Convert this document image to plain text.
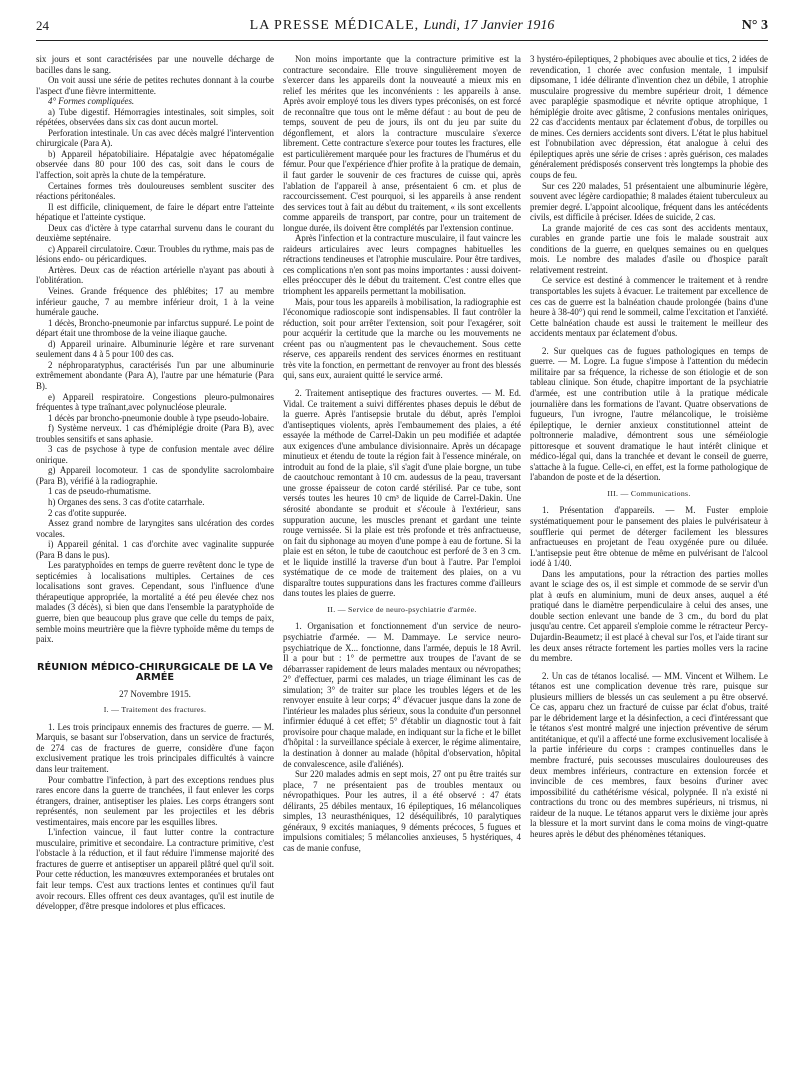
24	LA PRESSE MÉDICALE, Lundi, 17 Janvier 1916	N° 3

six jours et sont caractérisées par une nouvelle décharge de bacilles dans le sang.

On voit aussi une série de petites rechutes donnant à la courbe l'aspect d'une fièvre intermittente.

4° Formes compliquées.

a) Tube digestif. Hémorragies intestinales, soit simples, soit répétées, observées dans six cas dont aucun mortel.

Perforation intestinale. Un cas avec décès malgré l'intervention chirurgicale (Para A).

b) Appareil hépatobiliaire. Hépatalgie avec hépatomégalie observée dans 80 pour 100 des cas, soit dans le cours de l'affection, soit après la chute de la température.

Certaines formes très douloureuses semblent susciter des réactions péritonéales.

Il est difficile, cliniquement, de faire le départ entre l'atteinte hépatique et l'atteinte cystique.

Deux cas d'ictère à type catarrhal survenu dans le courant du deuxième septénaire.

c) Appareil circulatoire. Cœur. Troubles du rythme, mais pas de lésions endo- ou péricardiques.

Artères. Deux cas de réaction artérielle n'ayant pas abouti à l'oblitération.

Veines. Grande fréquence des phlébites; 17 au membre inférieur gauche, 7 au membre inférieur droit, 1 à la veine humérale gauche.

1 décès, Broncho-pneumonie par infarctus suppuré. Le point de départ était une thrombose de la veine iliaque gauche.

d) Appareil urinaire. Albuminurie légère et rare survenant seulement dans 4 à 5 pour 100 des cas.

2 néphroparatyphus, caractérisés l'un par une albuminurie extrêmement abondante (Para A), l'autre par une hématurie (Para B).

e) Appareil respiratoire. Congestions pleuro-pulmonaires fréquentes à type traînant,avec polynucléose pleurale.

1 décès par broncho-pneumonie double à type pseudo-lobaire.

f) Système nerveux. 1 cas d'hémiplégie droite (Para B), avec troubles sensitifs et sans aphasie.

3 cas de psychose à type de confusion mentale avec délire onirique.

g) Appareil locomoteur. 1 cas de spondylite sacrolombaire (Para B), vérifié à la radiographie.

1 cas de pseudo-rhumatisme.

h) Organes des sens. 3 cas d'otite catarrhale.

2 cas d'otite suppurée.

Assez grand nombre de laryngites sans ulcération des cordes vocales.

i) Appareil génital. 1 cas d'orchite avec vaginalite suppurée (Para B dans le pus).

Les paratyphoïdes en temps de guerre revêtent donc le type de septicémies à localisations multiples. Certaines de ces localisations sont graves. Cependant, sous l'influence d'une thérapeutique appropriée, la mortalité a été peu élevée chez nos malades (3 décès), si bien que dans l'ensemble la paratyphoïde de guerre, bien que beaucoup plus grave que celle du temps de paix, semble moins meurtrière que la fièvre typhoïde même du temps de paix.

RÉUNION MÉDICO-CHIRURGICALE DE LA Ve ARMÉE
27 Novembre 1915.
I. — Traitement des fractures.

1. Les trois principaux ennemis des fractures de guerre. — M. Marquis, se basant sur l'observation, dans un service de fracturés, de 274 cas de fractures de guerre, considère d'une façon exclusivement pratique les trois principales difficultés à vaincre dans leur traitement.

Pour combattre l'infection, à part des exceptions rendues plus rares encore dans la guerre de tranchées, il faut enlever les corps étrangers, drainer, antiseptiser les plaies. Les corps étrangers sont représentés, non seulement par les projectiles et les débris vestimentaires, mais encore par les esquilles libres.

L'infection vaincue, il faut lutter contre la contracture musculaire, primitive et secondaire. La contracture primitive, c'est l'obstacle à la réduction, et il faut réduire l'immense majorité des fractures de guerre et antiseptiser un appareil plâtré quel qu'il soit. Pour cette réduction, les manœuvres extemporanées et brutales ont fait leur temps. C'est aux tractions lentes et continues qu'il faut avoir recours. Elles offrent ces deux avantages, qu'il est inutile de développer, d'être presque indolores et plus efficaces.

Non moins importante que la contracture primitive est la contracture secondaire. Elle trouve singulièrement moyen de s'exercer dans les appareils dont la nouveauté a mieux mis en relief les mérites que les inconvénients : les appareils à anse. Après avoir employé tous les divers types préconisés, on est forcé de reconnaître que tous ont le même défaut : au bout de peu de temps, souvent de peu de jours, ils ont du jeu par suite du dégonflement, et alors la contracture musculaire s'exerce librement. Cette contracture s'exerce pour toutes les fractures, elle est particulièrement marquée pour les fractures de l'humérus et du fémur. Pour que l'expérience d'hier profite à la pratique de demain, il faut garder le souvenir de ces fractures de cuisse qui, après l'ablation de l'appareil à anse, présentaient 6 cm. et plus de raccourcissement. C'est pourquoi, si les appareils à anse rendent des services tout à fait au début du traitement, « ils sont excellents comme appareils de transport, par contre, pour un traitement de longue durée, ils doivent être complétés par l'extension continue.

Après l'infection et la contracture musculaire, il faut vaincre les raideurs articulaires avec leurs compagnes habituelles les rétractions tendineuses et l'atrophie musculaire. Pour être tardives, ces complications n'en sont pas moins importantes : aussi doivent-elles préoccuper dès le début du traitement. C'est contre elles que triomphent les appareils permettant la mobilisation.

Mais, pour tous les appareils à mobilisation, la radiographie est l'économique radioscopie sont indispensables. Il faut contrôler la réduction, soit pour arrêter l'extension, soit pour l'exagérer, soit pour acquérir la certitude que la marche ou les mouvements ne créent pas ou n'augmentent pas le chevauchement. Sous cette réserve, ces appareils rendent des services énormes en restituant très vite la fonction, en permettant de renvoyer au front des blessés qui, sans eux, auraient quitté le service armé.

2. Traitement antiseptique des fractures ouvertes. — M. Ed. Vidal. Ce traitement a suivi différentes phases depuis le début de la guerre. Après l'antisepsie brutale du début, après l'emploi d'antiseptiques violents, après l'embaumement des plaies, a été essayée la méthode de Carrel-Dakin un peu modifiée et adaptée aux exigences d'une ambulance divisionnaire. Après un décapage minutieux et étendu de toute la région fait à l'essence minérale, on introduit au fond de la plaie, s'il s'agit d'une plaie borgne, un tube de caoutchouc remontant à 10 cm. audessus de la peau, traversant une grosse épaisseur de coton cardé stérilisé. Par ce tube, sont versés toutes les heures 10 cm³ de liquide de Carrel-Dakin. Une sérosité abondante se produit et s'écoule à l'extérieur, sans suppuration aucune, les muscles prenant et gardant une teinte rouge vernissée. Si la plaie est très profonde et très anfractueuse, on fait du siphonage au moyen d'une pompe à eau de fortune. Si la plaie est en séton, le tube de caoutchouc est perforé de 3 en 3 cm. et le liquide instillé la traverse d'un bout à l'autre. Par l'emploi systématique de ce mode de traitement des plaies, on a vu disparaître toutes suppurations dans les fractures comme d'ailleurs dans toutes les plaies de guerre.

II. — Service de neuro-psychiatrie d'armée.

1. Organisation et fonctionnement d'un service de neuro-psychiatrie d'armée. — M. Dammaye. Le service neuro-psychiatrique de X... fonctionne, dans l'armée, depuis le 18 Avril. Il a pour but : 1° de permettre aux troupes de l'avant de se débarrasser rapidement de leurs malades mentaux ou névropathes; 2° d'effectuer, parmi ces malades, un triage éliminant les cas de simulation; 3° de traiter sur place les troubles légers et de les renvoyer ensuite à leur corps; 4° d'évacuer jusque dans la zone de l'intérieur les malades plus sérieux, sous la conduite d'un personnel infirmier éduqué à cet effet; 5° d'établir un diagnostic tout à fait provisoire pour chaque malade, en indiquant sur la fiche et le billet d'hôpital : la surveillance spéciale à exercer, le régime alimentaire, la destination à donner au malade (hôpital d'observation, hôpital de convalescence, asile d'aliénés).

Sur 220 malades admis en sept mois, 27 ont pu être traités sur place, 7 ne présentaient pas de troubles mentaux ou névropathiques. Pour les autres, il a été observé : 47 états délirants, 25 débiles mentaux, 16 épileptiques, 16 mélancoliques simples, 13 neurasthéniques, 12 déséquilibrés, 10 paralytiques généraux, 9 excités maniaques, 9 déments précoces, 5 fugues et impulsions comitiales; 5 mélancolies anxieuses, 5 hystériques, 4 cas de manie confuse,

3 hystéro-épileptiques, 2 phobiques avec aboulie et tics, 2 idées de revendication, 1 chorée avec confusion mentale, 1 impulsif dipsomane, 1 idée délirante d'invention chez un débile, 1 atrophie musculaire progressive du membre supérieur droit, 1 démence avec paraplégie spasmodique et névrite optique atrophique, 1 hémiplégie droite avec gâtisme, 2 confusions mentales oniriques, 22 cas d'accidents mentaux par éclatement d'obus, de torpilles ou de mines. Ces derniers accidents sont divers. L'état le plus habituel est l'obnubilation avec dépression, état analogue à celui des épileptiques après une série de crises : après guérison, ces malades généralement prédisposés conservent très longtemps la phobie des coups de feu.

Sur ces 220 malades, 51 présentaient une albuminurie légère, souvent avec légère cardiopathie; 8 malades étaient tuberculeux au premier degré. L'appoint alcoolique, fréquent dans les antécédents civils, est difficile à préciser. Idées de suicide, 2 cas.

La grande majorité de ces cas sont des accidents mentaux, curables en grande partie une fois le malade soustrait aux conditions de la guerre, en quelques semaines ou en quelques mois. Le nombre des malades d'asile ou d'hospice paraît relativement restreint.

Ce service est destiné à commencer le traitement et à rendre transportables les sujets à évacuer. Le traitement par excellence de ces cas de guerre est la balnéation chaude prolongée (bains d'une heure à 38-40°) qui rend le sommeil, calme l'excitation et l'anxiété. Cette balnéation chaude est aussi le traitement le meilleur des accidents mentaux par éclatement d'obus.

2. Sur quelques cas de fugues pathologiques en temps de guerre. — M. Logre. La fugue s'impose à l'attention du médecin militaire par sa fréquence, la richesse de son étiologie et de son tableau clinique. Son étude, chapitre important de la psychiatrie d'armée, est une contribution utile à la pratique médicale journalière dans les formations de l'avant. Quatre observations de fugueurs, l'un ivrogne, l'autre mélancolique, le troisième épileptique, le dernier anxieux constitutionnel atteint de poltronnerie maladive, démontrent sous une séméiologie pittoresque et souvent dramatique le haut intérêt clinique et médico-légal qui, dans la tranchée et devant le conseil de guerre, s'attache à la fugue. Celle-ci, en effet, est la forme pathologique de l'abandon de poste et de la désertion.

III. — Communications.

1. Présentation d'appareils. — M. Fuster emploie systématiquement pour le pansement des plaies le pulvérisateur à soufflerie qui permet de déterger facilement les blessures anfractueuses en projetant de l'eau oxygénée pure ou diluée. L'antisepsie peut être obtenue de même en pulvérisant de l'alcool iodé à 1/40.

Dans les amputations, pour la rétraction des parties molles avant le sciage des os, il est simple et commode de se servir d'un plat à œufs en aluminium, muni de deux anses, auquel a été pratiqué dans le diamètre perpendiculaire à celui des anses, une double section enlevant une bande de 3 cm., du bord du plat jusqu'au centre. Cet appareil s'emploie comme le rétracteur Percy-Dujardin-Beaumetz; il est placé à cheval sur l'os, et l'aide tirant sur les deux anses rétracte fortement les parties molles vers la racine du membre.

2. Un cas de tétanos localisé. — MM. Vincent et Wilhem. Le tétanos est une complication devenue très rare, puisque sur plusieurs milliers de blessés un cas seulement a pu être observé. Ce cas, apparu chez un fracturé de cuisse par éclat d'obus, traité par le débridement large et la désinfection, a ceci d'intéressant que le tétanos s'est montré malgré une injection préventive de sérum antitétanique, et qu'il a affecté une forme exclusivement localisée à la partie inférieure du corps : crampes continuelles dans le membre fracturé, puis secousses musculaires douloureuses des deux membres inférieurs, contracture en extension forcée et invincible de ces membres, faux besoins d'uriner avec impossibilité du cathétérisme vésical, polypnée. Il n'a existé ni contractions du tronc ou des membres supérieurs, ni trismus, ni raideur de la nuque. Le tétanos apparut vers le dixième jour après la blessure et la mort survint dans le coma moins de vingt-quatre heures après le début des phénomènes tétaniques.
